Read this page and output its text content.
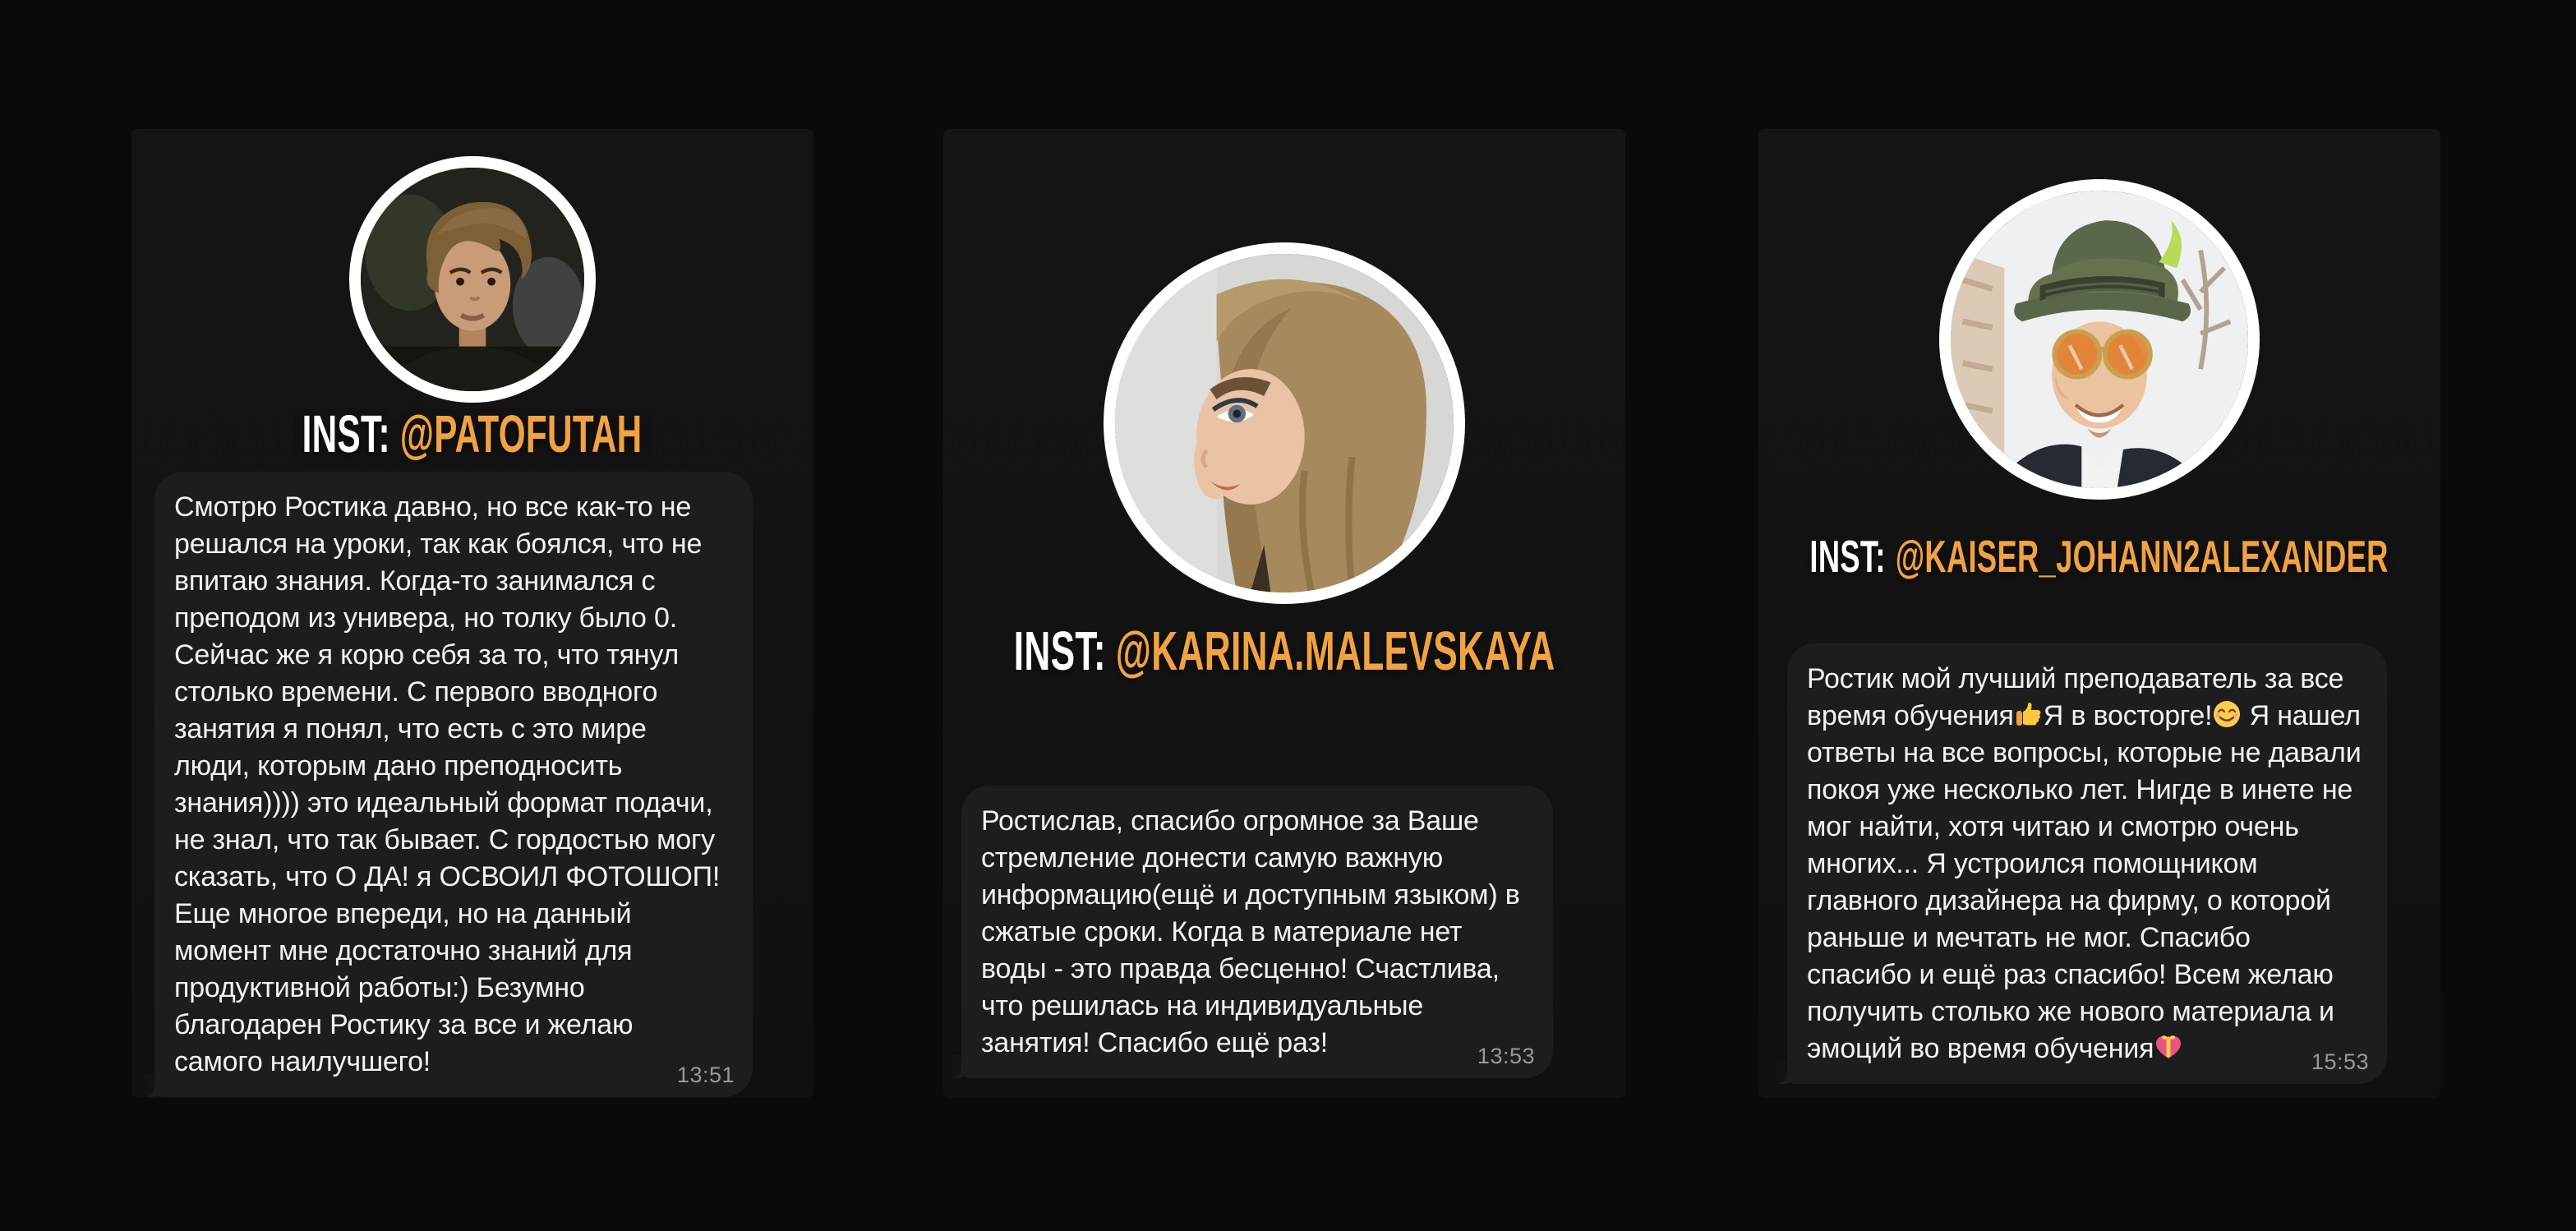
INST: @PATOFUTAH
Смотрю Ростика давно, но все как-то не решался на уроки, так как боялся, что не впитаю знания. Когда-то занимался с преподом из универа, но толку было 0. Сейчас же я корю себя за то, что тянул столько времени. С первого вводного занятия я понял, что есть с это мире люди, которым дано преподносить знания)))) это идеальный формат подачи, не знал, что так бывает. С гордостью могу сказать, что О ДА! я ОСВОИЛ ФОТОШОП! Еще многое впереди, но на данный момент мне достаточно знаний для продуктивной работы:) Безумно благодарен Ростику за все и желаю самого наилучшего!	13:51
INST: @KARINA.MALEVSKAYA
Ростислав, спасибо огромное за Ваше стремление донести самую важную информацию(ещё и доступным языком) в сжатые сроки. Когда в материале нет воды - это правда бесценно! Счастлива, что решилась на индивидуальные занятия! Спасибо ещё раз!	13:53
INST: @KAISER_JOHANN2ALEXANDER
Ростик мой лучший преподаватель за все время обучения Я в восторге! Я нашел ответы на все вопросы, которые не давали покоя уже несколько лет. Нигде в инете не мог найти, хотя читаю и смотрю очень многих... Я устроился помощником главного дизайнера на фирму, о которой раньше и мечтать не мог. Спасибо спасибо и ещё раз спасибо! Всем желаю получить столько же нового материала и эмоций во время обучения	15:53
